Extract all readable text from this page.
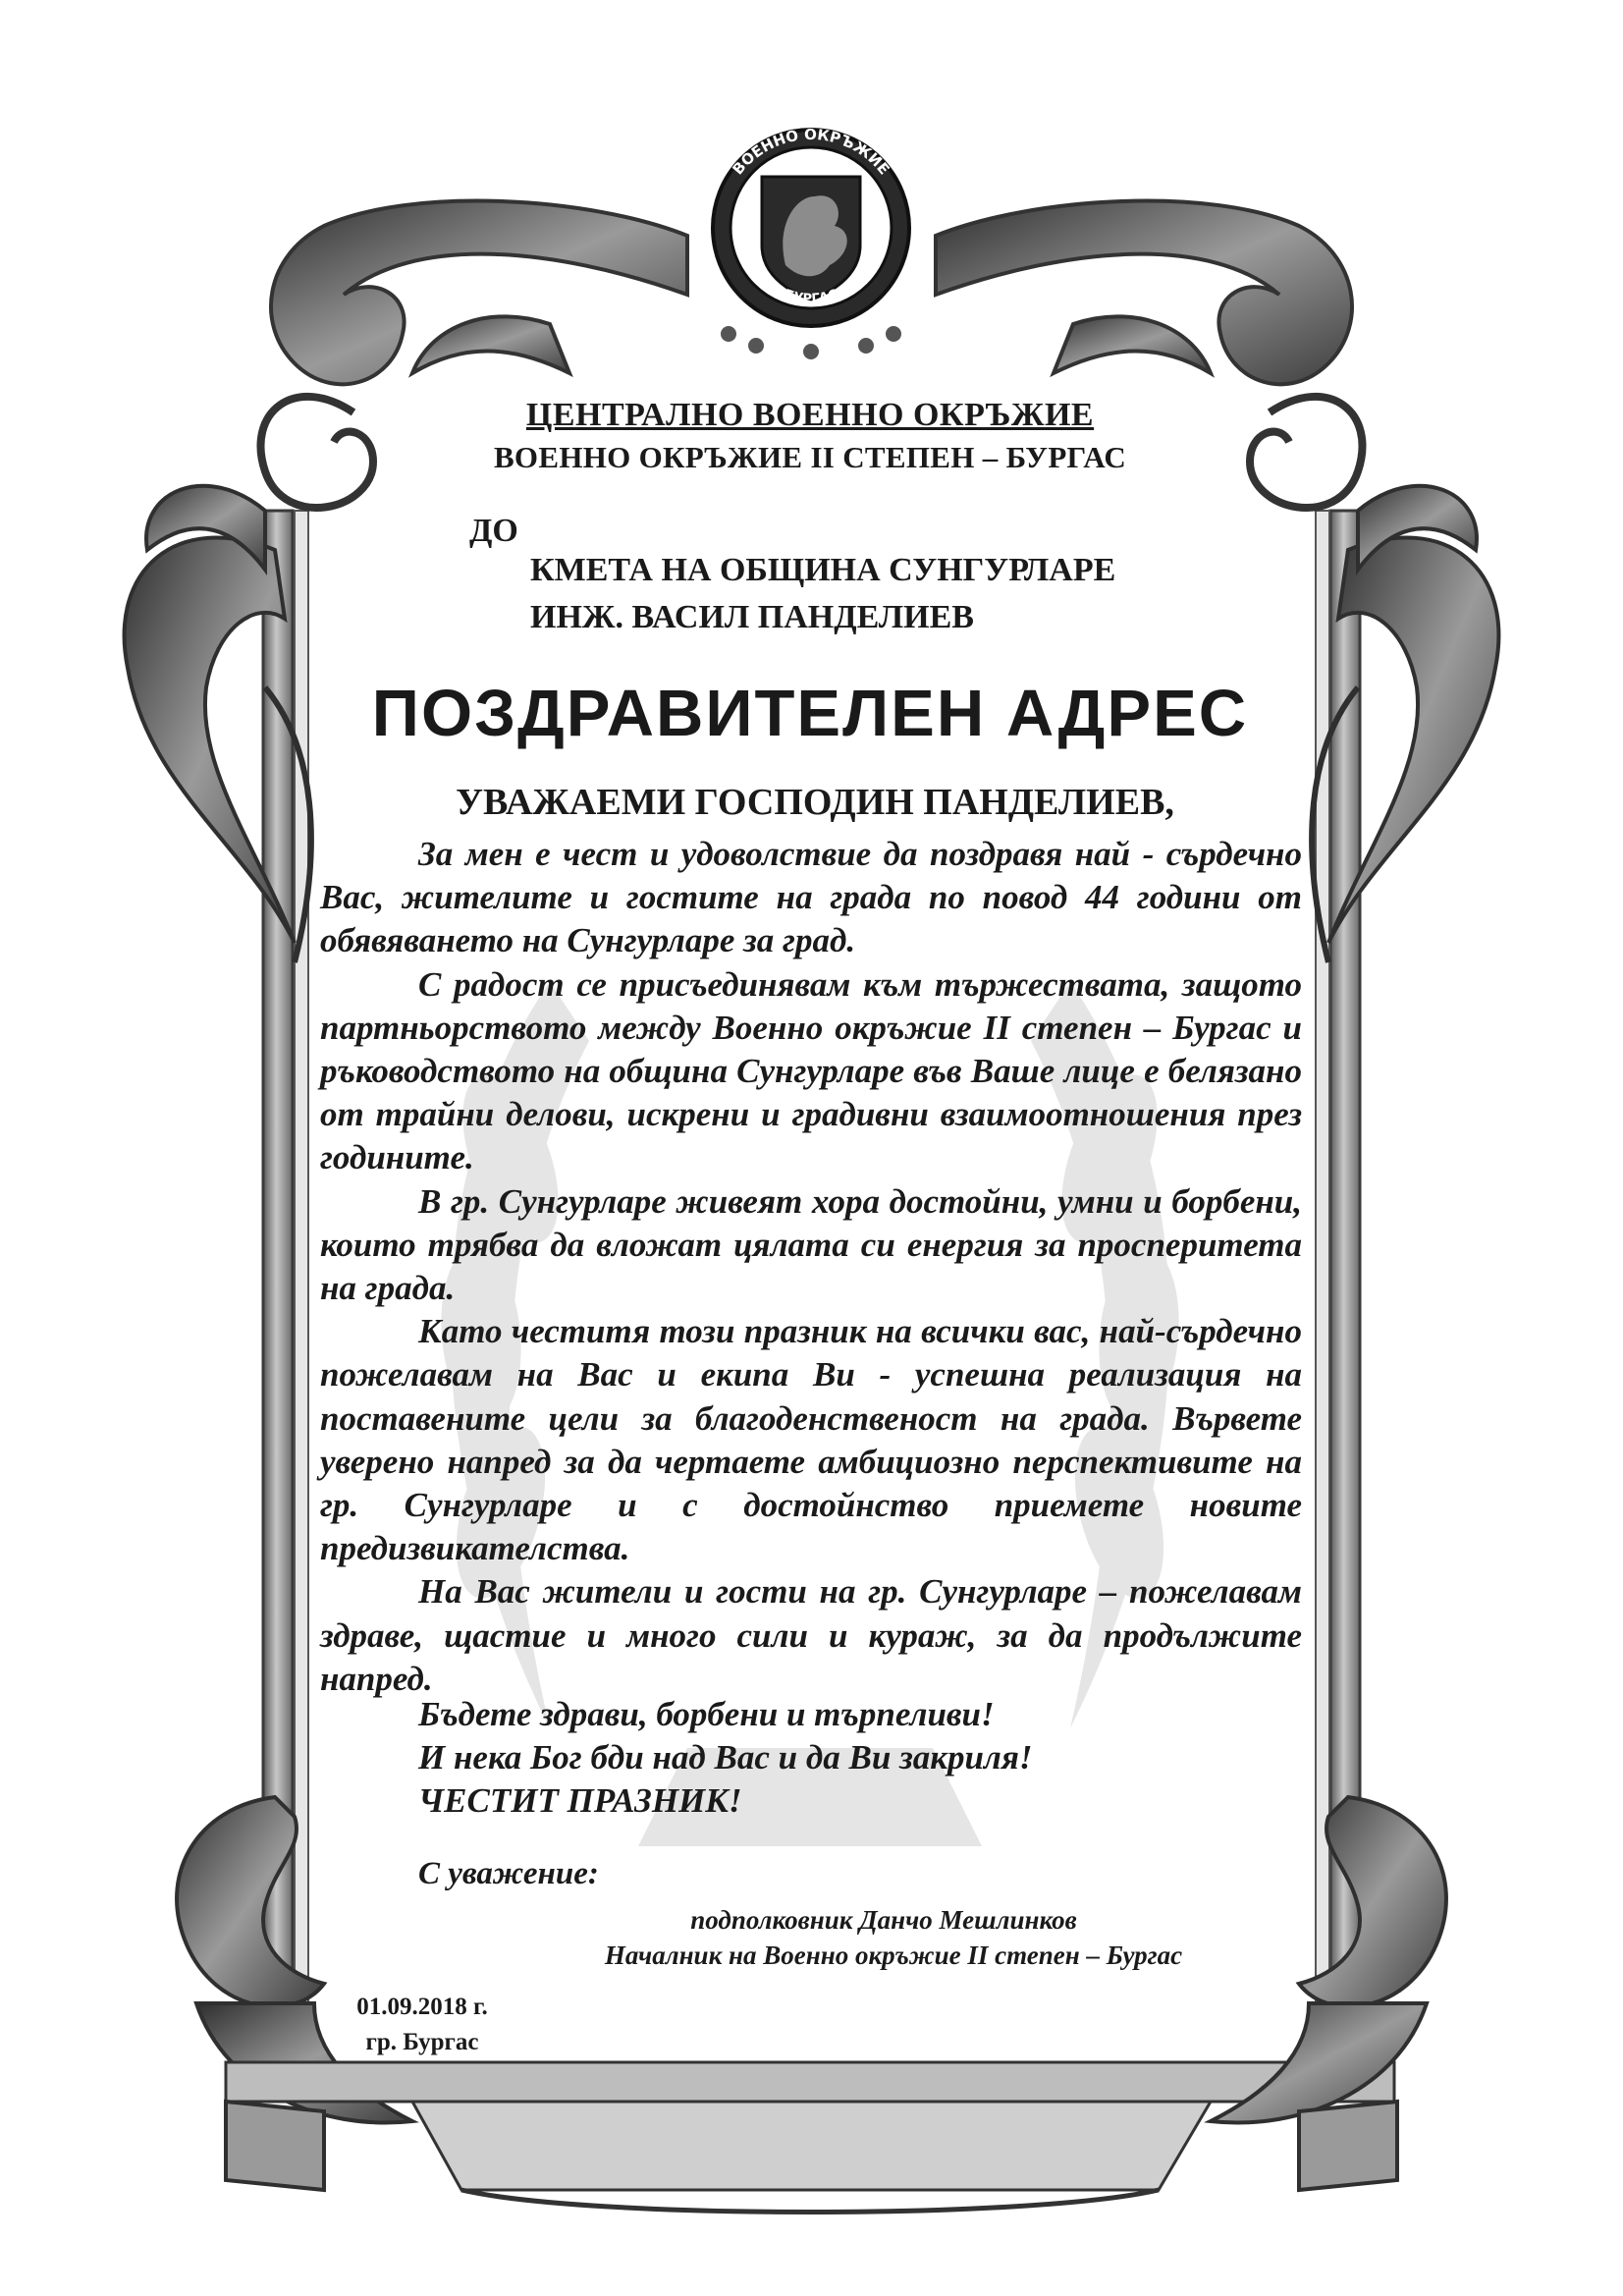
ВОЕННО ОКРЪЖИЕ
БУРГАС
ЦЕНТРАЛНО ВОЕННО ОКРЪЖИЕ
ВОЕННО ОКРЪЖИЕ II СТЕПЕН – БУРГАС
ДО
КМЕТА НА ОБЩИНА СУНГУРЛАРЕ
ИНЖ. ВАСИЛ ПАНДЕЛИЕВ
ПОЗДРАВИТЕЛЕН АДРЕС
УВАЖАЕМИ ГОСПОДИН ПАНДЕЛИЕВ,

За мен е чест и удоволствие да поздравя най - сърдечно Вас, жителите и гостите на града по повод 44 години от обявяването на Сунгурларе за град.

С радост се присъединявам към тържествата, защото партньорството между Военно окръжие II степен – Бургас и ръководството на община Сунгурларе във Ваше лице е белязано от трайни делови, искрени и градивни взаимоотношения през годините.

В гр. Сунгурларе живеят хора достойни, умни и борбени, които трябва да вложат цялата си енергия за просперитета на града.

Като честитя този празник на всички вас, най-сърдечно пожелавам на Вас и екипа Ви - успешна реализация на поставените цели за благоденственост на града. Вървете уверено напред за да чертаете амбициозно перспективите на гр. Сунгурларе и с достойнство приемете новите предизвикателства.

На Вас жители и гости на гр. Сунгурларе – пожелавам здраве, щастие и много сили и кураж, за да продължите напред.

Бъдете здрави, борбени и търпеливи!
И нека Бог бди над Вас и да Ви закриля!
ЧЕСТИТ ПРАЗНИК!
С уважение:
подполковник Данчо Мешлинков
Началник на Военно окръжие II степен – Бургас
01.09.2018 г.
гр. Бургас
